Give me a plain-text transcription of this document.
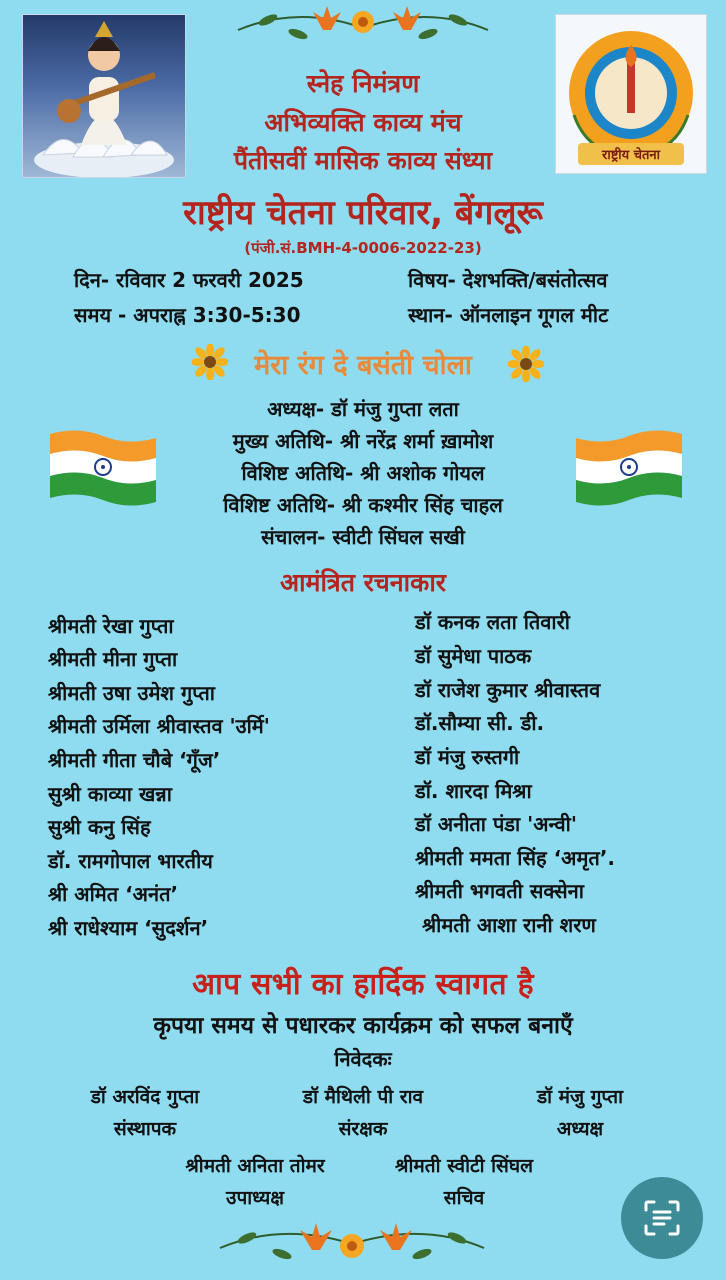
राष्ट्रीय चेतना
स्नेह निमंत्रण
अभिव्यक्ति काव्य मंच
पैंतीसवीं मासिक काव्य संध्या
राष्ट्रीय चेतना परिवार, बेंगलूरू
(पंजी.सं.BMH-4-0006-2022-23)
दिन- रविवार 2 फरवरी 2025	विषय- देशभक्ति/बसंतोत्सव
समय - अपराह्न 3:30-5:30	स्थान- ऑनलाइन गूगल मीट
मेरा रंग दे बसंती चोला
अध्यक्ष- डॉ मंजु गुप्ता लता
मुख्य अतिथि- श्री नरेंद्र शर्मा ख़ामोश
विशिष्ट अतिथि- श्री अशोक गोयल
विशिष्ट अतिथि- श्री कश्मीर सिंह चाहल
संचालन- स्वीटी सिंघल सखी
आमंत्रित रचनाकार
श्रीमती रेखा गुप्ता
श्रीमती मीना गुप्ता
श्रीमती उषा उमेश गुप्ता
श्रीमती उर्मिला श्रीवास्तव 'उर्मि'
श्रीमती गीता चौबे ‘गूँज’
सुश्री काव्या खन्ना
सुश्री कनु सिंह
डॉ. रामगोपाल भारतीय
श्री अमित ‘अनंत’
श्री राधेश्याम ‘सुदर्शन’
डॉ कनक लता तिवारी
डॉ सुमेधा पाठक
डॉ राजेश कुमार श्रीवास्तव
डॉ.सौम्या सी. डी.
डॉ मंजु रुस्तगी
डॉ. शारदा मिश्रा
डॉ अनीता पंडा 'अन्वी'
श्रीमती ममता सिंह ‘अमृत’.
श्रीमती भगवती सक्सेना
श्रीमती आशा रानी शरण
आप सभी का हार्दिक स्वागत है
कृपया समय से पधारकर कार्यक्रम को सफल बनाएँ
निवेदकः
डॉ अरविंद गुप्ता
संस्थापक
डॉ मैथिली पी राव
संरक्षक
डॉ मंजु गुप्ता
अध्यक्ष
श्रीमती अनिता तोमर
उपाध्यक्ष
श्रीमती स्वीटी सिंघल
सचिव
